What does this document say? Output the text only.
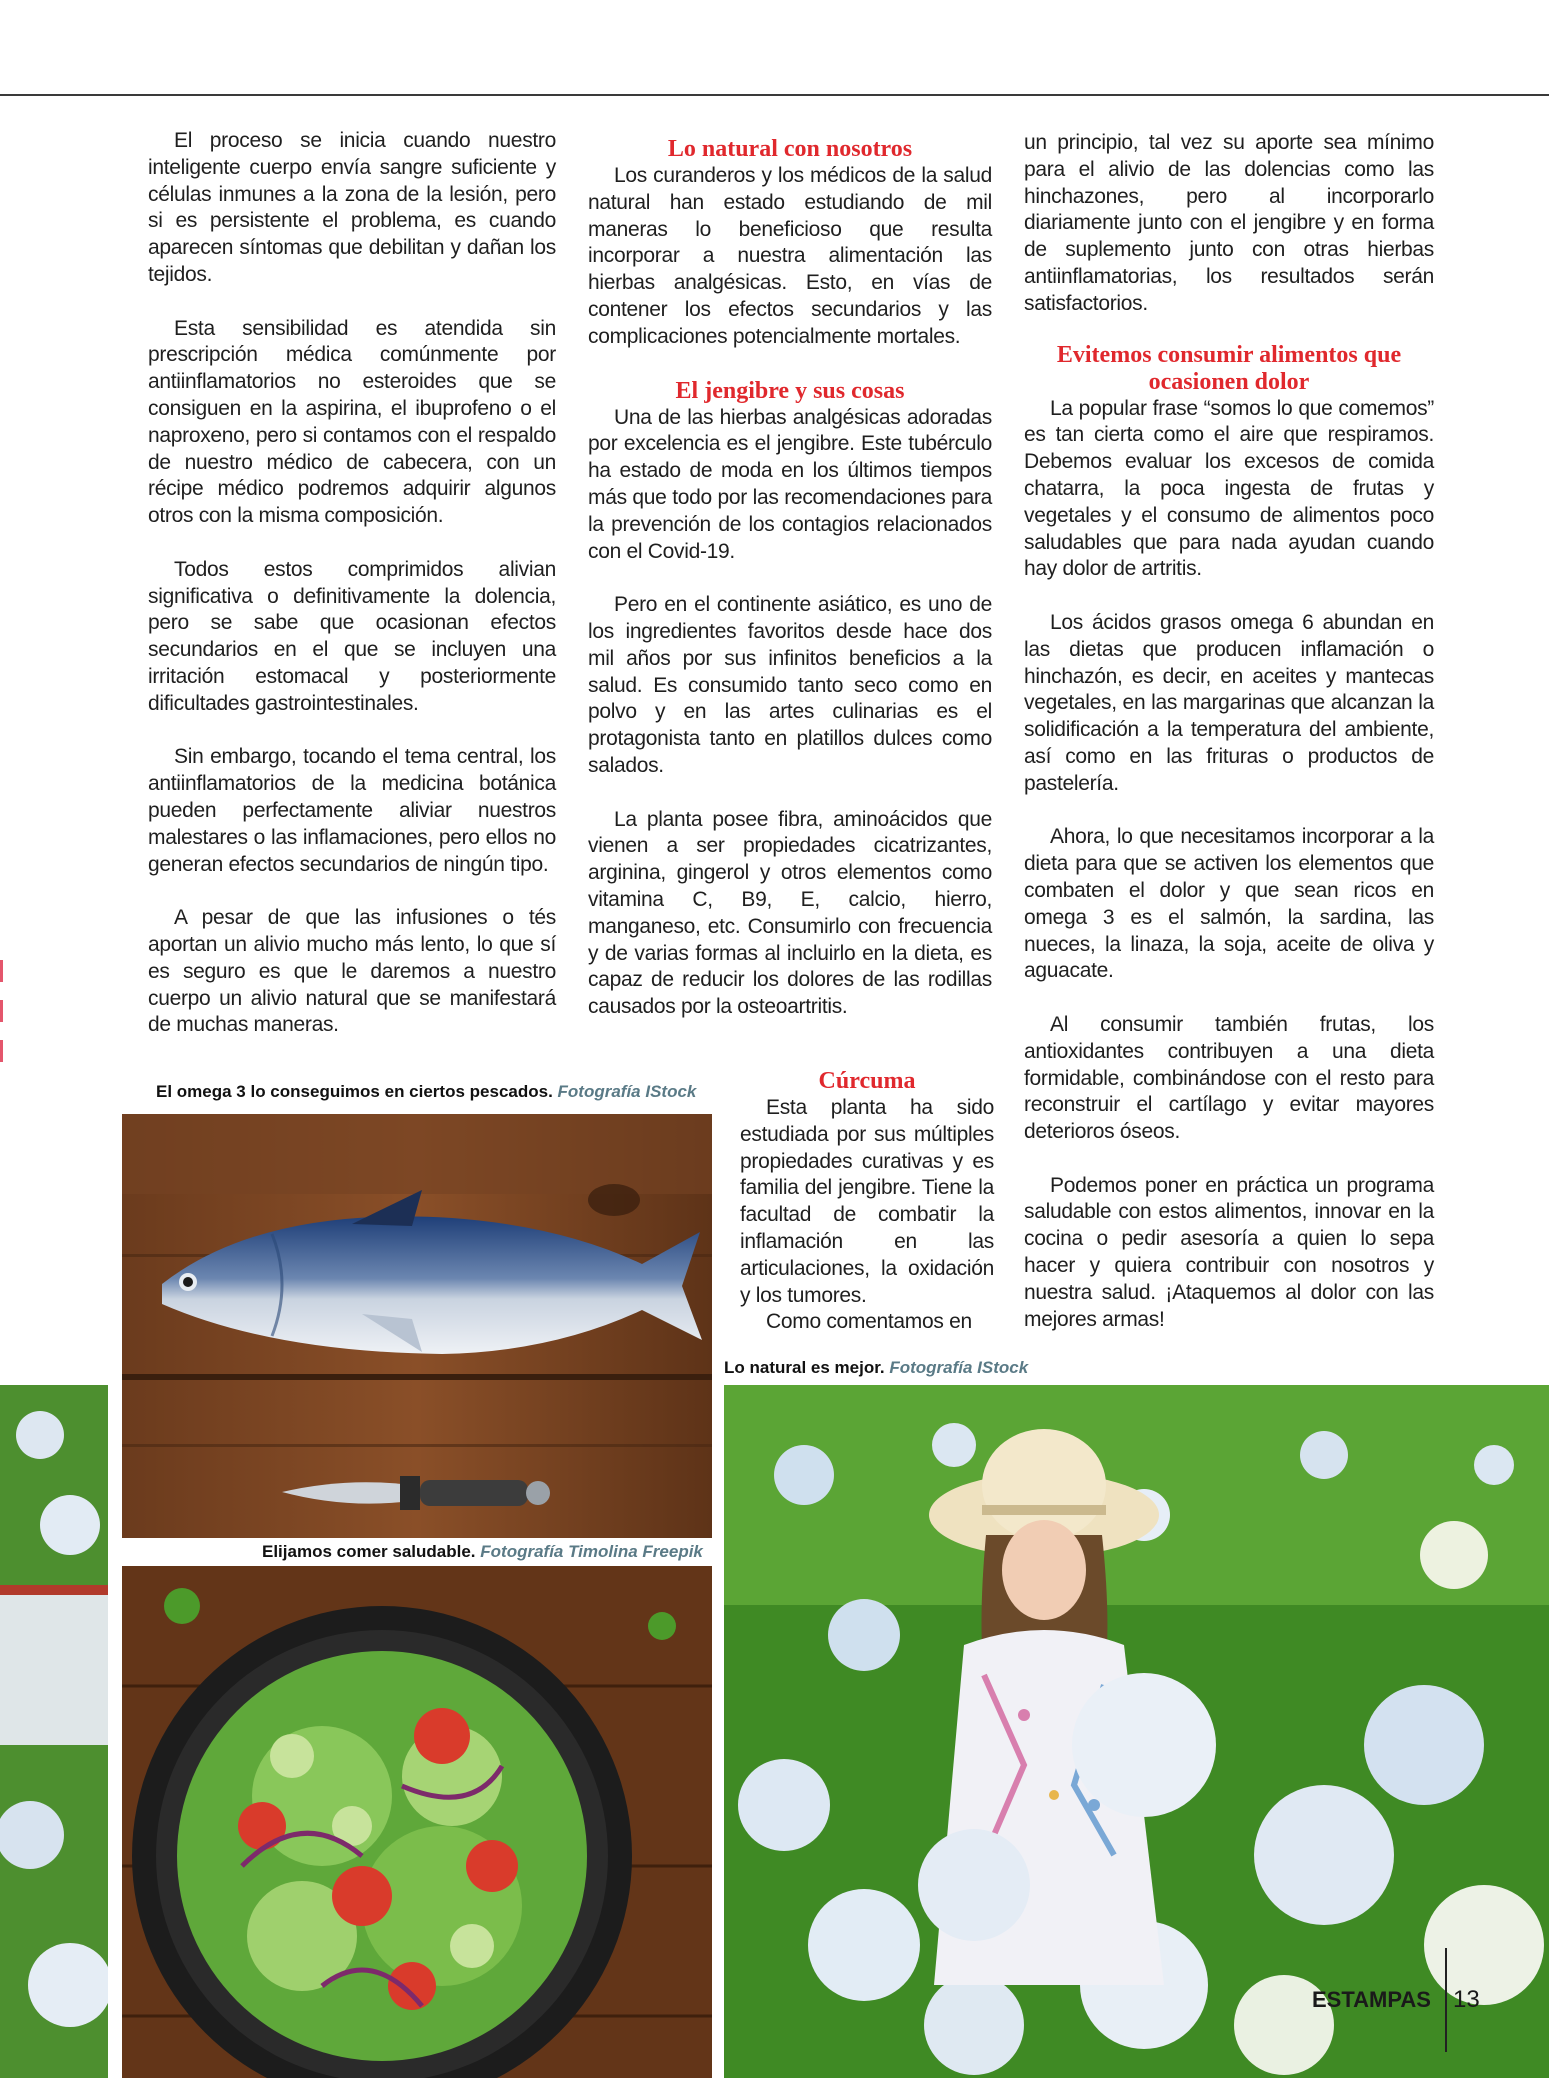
El proceso se inicia cuando nuestro inteligente cuerpo envía sangre suficiente y células inmunes a la zona de la lesión, pero si es persistente el problema, es cuando aparecen síntomas que debilitan y dañan los tejidos.

Esta sensibilidad es atendida sin prescripción médica comúnmente por antiinflamatorios no esteroides que se consiguen en la aspirina, el ibuprofeno o el naproxeno, pero si contamos con el respaldo de nuestro médico de cabecera, con un récipe médico podremos adquirir algunos otros con la misma composición.

Todos estos comprimidos alivian significativa o definitivamente la dolencia, pero se sabe que ocasionan efectos secundarios en el que se incluyen una irritación estomacal y posteriormente dificultades gastrointestinales.

Sin embargo, tocando el tema central, los antiinflamatorios de la medicina botánica pueden perfectamente aliviar nuestros malestares o las inflamaciones, pero ellos no generan efectos secundarios de ningún tipo.

A pesar de que las infusiones o tés aportan un alivio mucho más lento, lo que sí es seguro es que le daremos a nuestro cuerpo un alivio natural que se manifestará de muchas maneras.

Lo natural con nosotros

Los curanderos y los médicos de la salud natural han estado estudiando de mil maneras lo beneficioso que resulta incorporar a nuestra alimentación las hierbas analgésicas. Esto, en vías de contener los efectos secundarios y las complicaciones potencialmente mortales.

El jengibre y sus cosas

Una de las hierbas analgésicas adoradas por excelencia es el jengibre. Este tubérculo ha estado de moda en los últimos tiempos más que todo por las recomendaciones para la prevención de los contagios relacionados con el Covid-19.

Pero en el continente asiático, es uno de los ingredientes favoritos desde hace dos mil años por sus infinitos beneficios a la salud. Es consumido tanto seco como en polvo y en las artes culinarias es el protagonista tanto en platillos dulces como salados.

La planta posee fibra, aminoácidos que vienen a ser propiedades cicatrizantes, arginina, gingerol y otros elementos como vitamina C, B9, E, calcio, hierro, manganeso, etc. Consumirlo con frecuencia y de varias formas al incluirlo en la dieta, es capaz de reducir los dolores de las rodillas causados por la osteoartritis.

Cúrcuma

Esta planta ha sido estudiada por sus múltiples propiedades curativas y es familia del jengibre. Tiene la facultad de combatir la inflamación en las articulaciones, la oxidación y los tumores.

Como comentamos en

un principio, tal vez su aporte sea mínimo para el alivio de las dolencias como las hinchazones, pero al incorporarlo diariamente junto con el jengibre y en forma de suplemento junto con otras hierbas antiinflamatorias, los resultados serán satisfactorios.

Evitemos consumir alimentos que ocasionen dolor

La popular frase “somos lo que comemos” es tan cierta como el aire que respiramos. Debemos evaluar los excesos de comida chatarra, la poca ingesta de frutas y vegetales y el consumo de alimentos poco saludables que para nada ayudan cuando hay dolor de artritis.

Los ácidos grasos omega 6 abundan en las dietas que producen inflamación o hinchazón, es decir, en aceites y mantecas vegetales, en las margarinas que alcanzan la solidificación a la temperatura del ambiente, así como en las frituras o productos de pastelería.

Ahora, lo que necesitamos incorporar a la dieta para que se activen los elementos que combaten el dolor y que sean ricos en omega 3 es el salmón, la sardina, las nueces, la linaza, la soja, aceite de oliva y aguacate.

Al consumir también frutas, los antioxidantes contribuyen a una dieta formidable, combinándose con el resto para reconstruir el cartílago y evitar mayores deterioros óseos.

Podemos poner en práctica un programa saludable con estos alimentos, innovar en la cocina o pedir asesoría a quien lo sepa hacer y quiera contribuir con nosotros y nuestra salud. ¡Ataquemos al dolor con las mejores armas!

El omega 3 lo conseguimos en ciertos pescados. Fotografía IStock
Elijamos comer saludable. Fotografía Timolina Freepik
Lo natural es mejor. Fotografía IStock
ESTAMPAS 13
